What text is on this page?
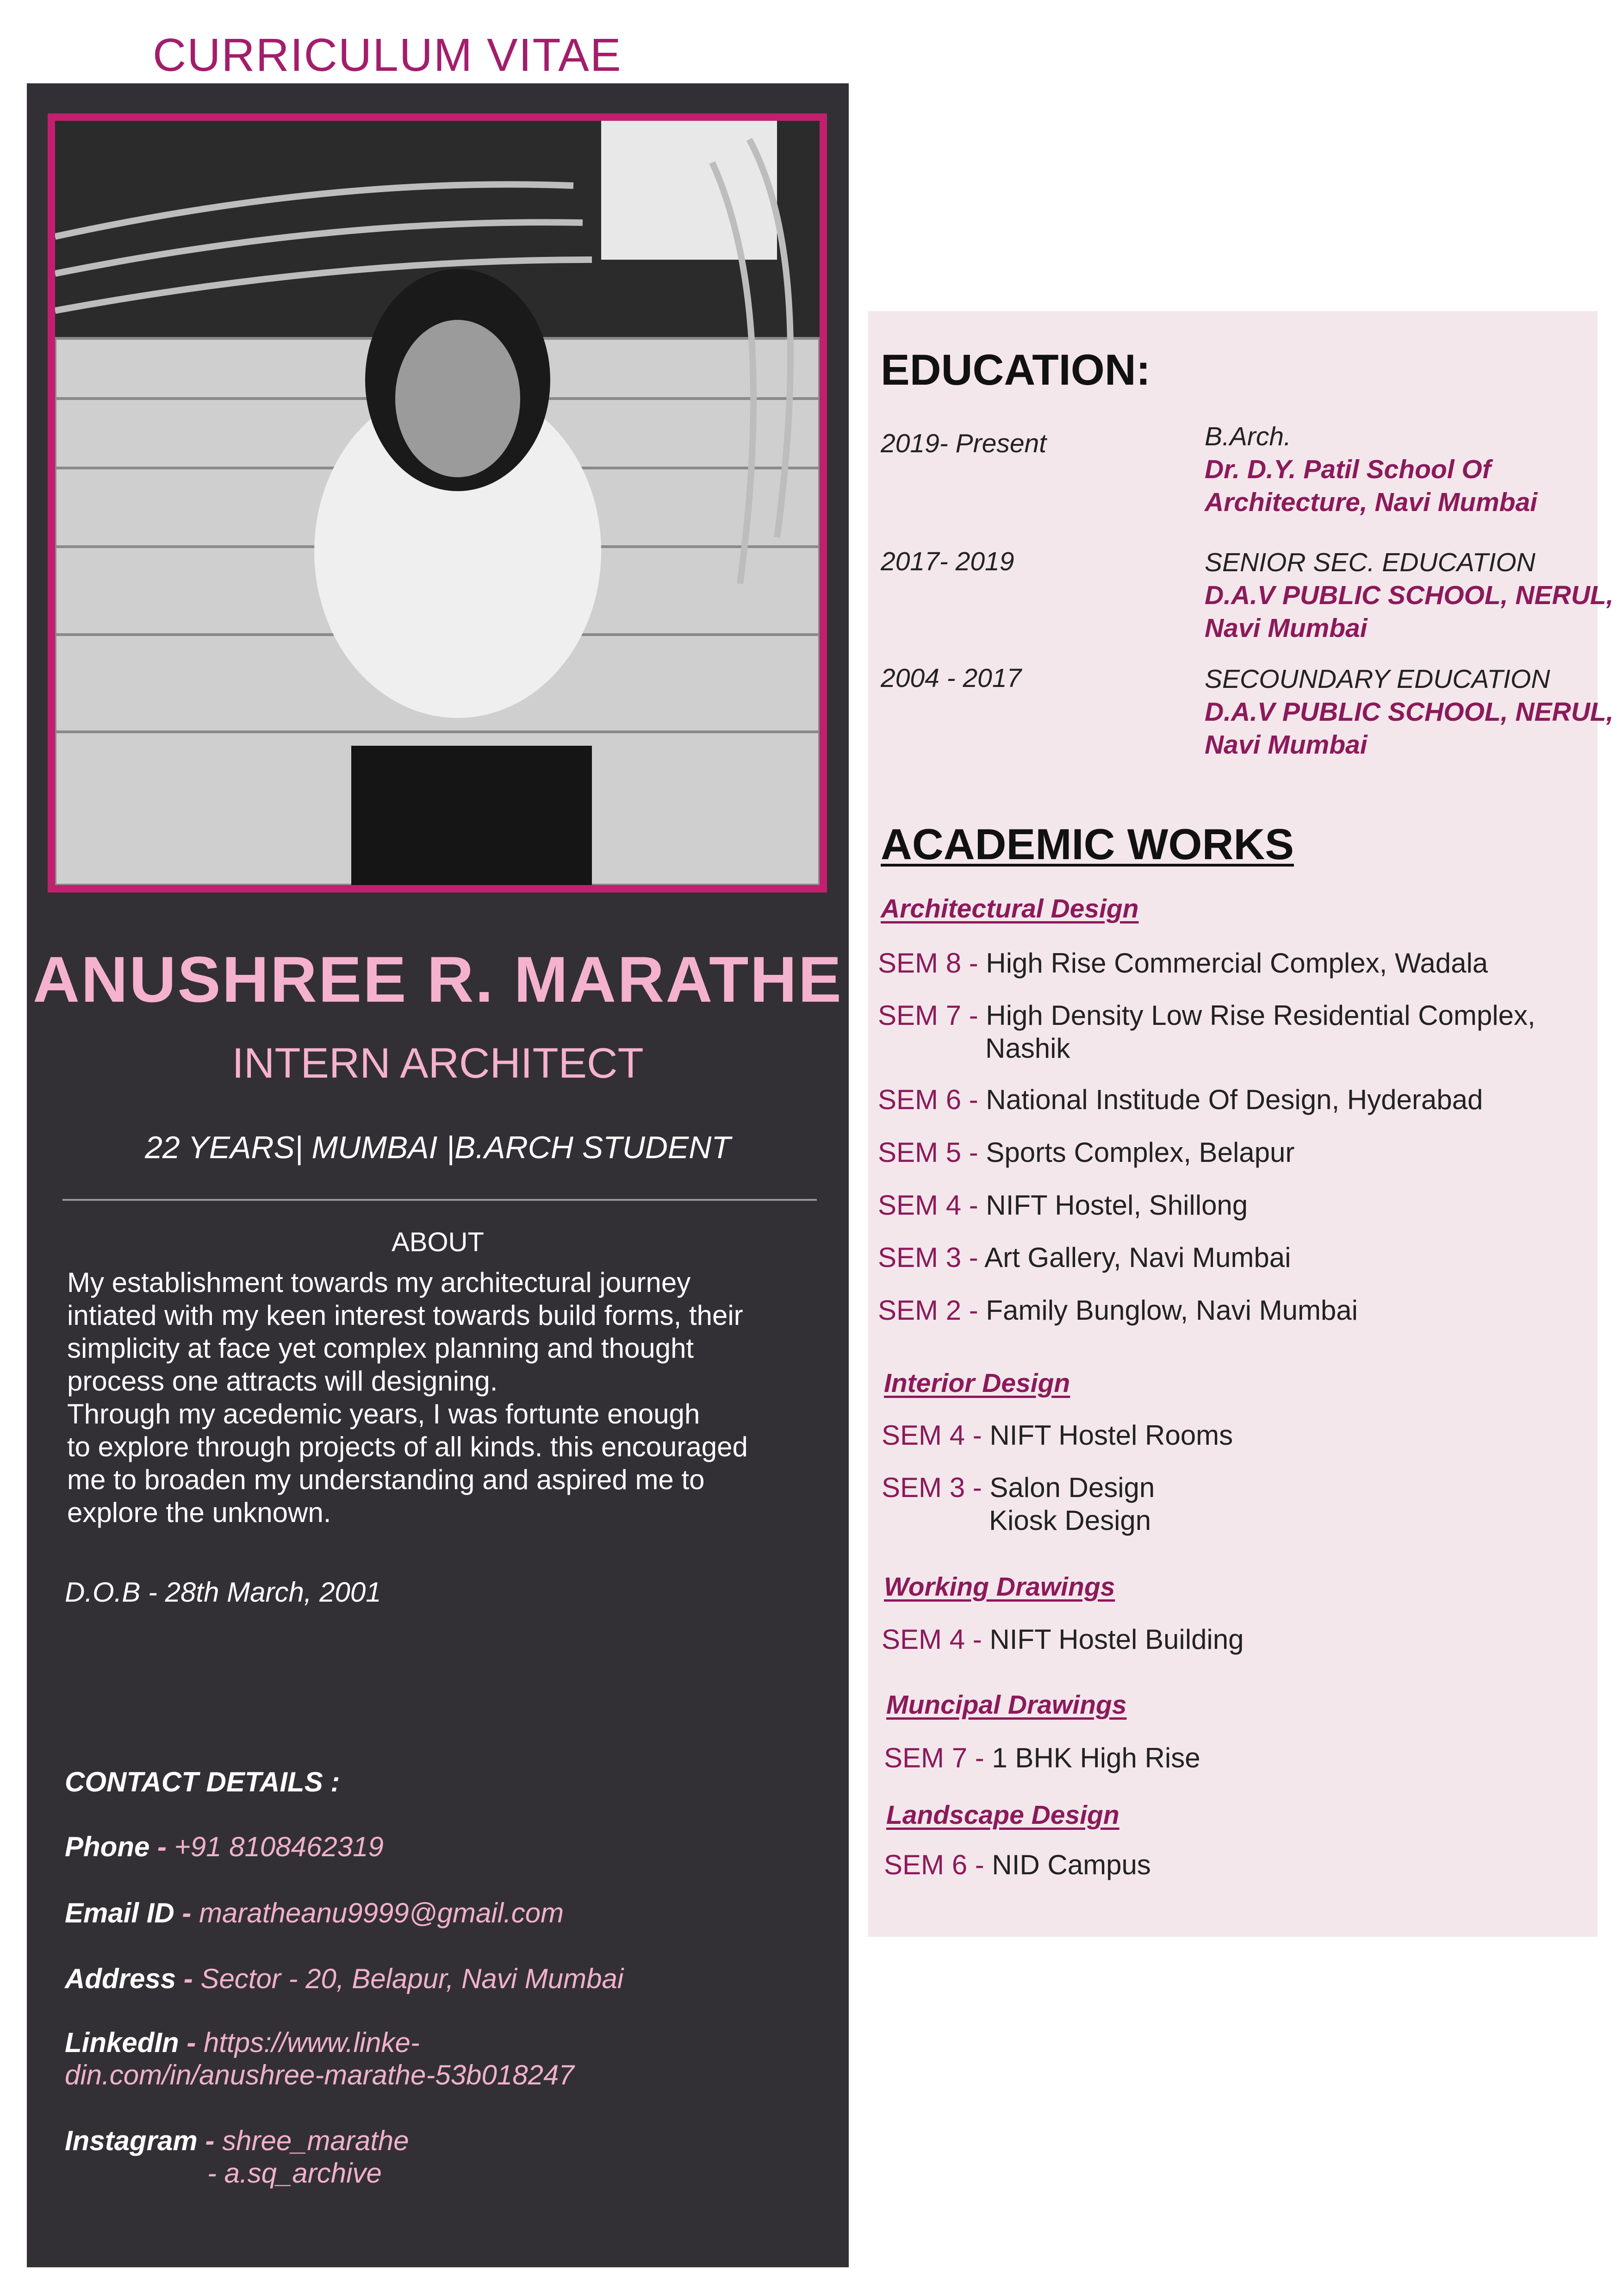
CURRICULUM VITAE
ANUSHREE R. MARATHE
INTERN ARCHITECT
22 YEARS| MUMBAI |B.ARCH STUDENT
ABOUT

My establishment towards my architectural journey

intiated with my keen interest towards build forms, their

simplicity at face yet complex planning and thought

process one attracts will designing.

Through my acedemic years, I was fortunte enough

to explore through projects of all kinds. this encouraged

me to broaden my understanding and aspired me to

explore the unknown.

D.O.B - 28th March, 2001
CONTACT DETAILS :
Phone - +91 8108462319
Email ID - maratheanu9999@gmail.com
Address - Sector - 20, Belapur, Navi Mumbai
LinkedIn - https://www.linke-
din.com/in/anushree-marathe-53b018247
Instagram - shree_marathe
- a.sq_archive
EDUCATION:
2019- Present	B.Arch.
Dr. D.Y. Patil School Of
Architecture, Navi Mumbai
2017- 2019	SENIOR SEC. EDUCATION
D.A.V PUBLIC SCHOOL, NERUL,
Navi Mumbai
2004 - 2017	SECOUNDARY EDUCATION
D.A.V PUBLIC SCHOOL, NERUL,
Navi Mumbai
ACADEMIC WORKS
Architectural Design
SEM 8 - High Rise Commercial Complex, Wadala
SEM 7 - High Density Low Rise Residential Complex,
Nashik
SEM 6 - National Institude Of Design, Hyderabad
SEM 5 - Sports Complex, Belapur
SEM 4 - NIFT Hostel, Shillong
SEM 3 - Art Gallery, Navi Mumbai
SEM 2 - Family Bunglow, Navi Mumbai
Interior Design
SEM 4 - NIFT Hostel Rooms
SEM 3 - Salon Design
Kiosk Design
Working Drawings
SEM 4 - NIFT Hostel Building
Muncipal Drawings
SEM 7 - 1 BHK High Rise
Landscape Design
SEM 6 - NID Campus
